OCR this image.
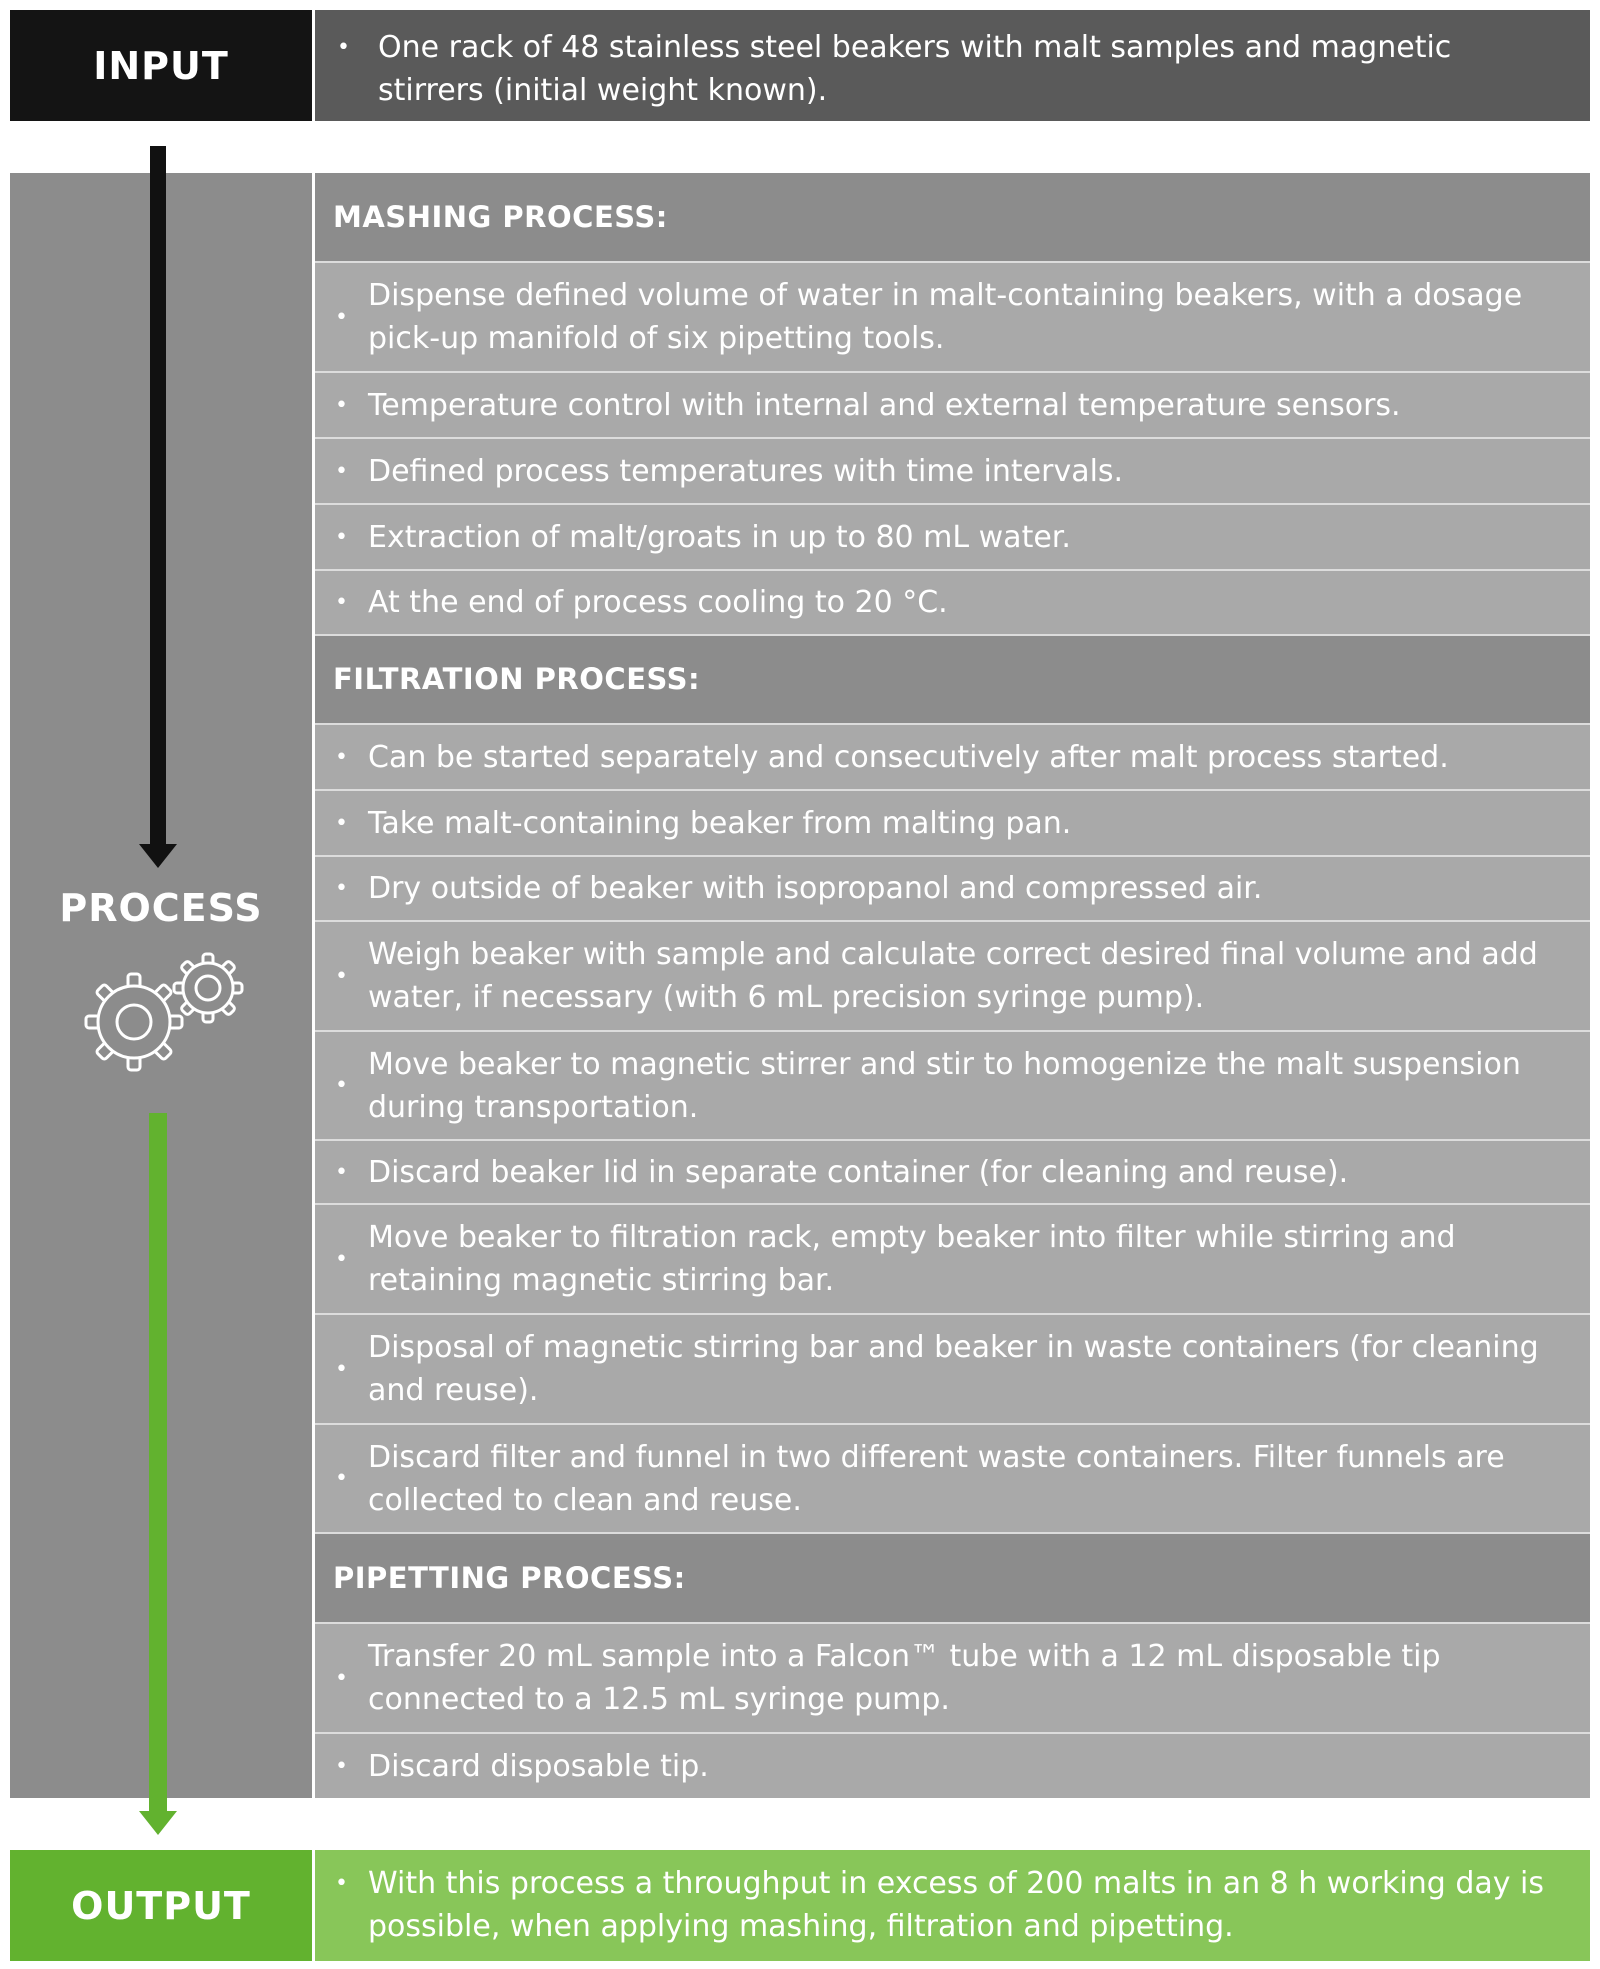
INPUT	• One rack of 48 stainless steel beakers with malt samples and magnetic stirrers (initial weight known).
PROCESS
MASHING PROCESS:
•
Dispense defined volume of water in malt-containing beakers, with a dosage pick-up manifold of six pipetting tools.
• Temperature control with internal and external temperature sensors.
• Defined process temperatures with time intervals.
• Extraction of malt/groats in up to 80 mL water.
• At the end of process cooling to 20 °C.
FILTRATION PROCESS:
• Can be started separately and consecutively after malt process started.
• Take malt-containing beaker from malting pan.
• Dry outside of beaker with isopropanol and compressed air.
•
Weigh beaker with sample and calculate correct desired final volume and add water, if necessary (with 6 mL precision syringe pump).
•
Move beaker to magnetic stirrer and stir to homogenize the malt suspension during transportation.
• Discard beaker lid in separate container (for cleaning and reuse).
•
Move beaker to filtration rack, empty beaker into filter while stirring and retaining magnetic stirring bar.
•
Disposal of magnetic stirring bar and beaker in waste containers (for cleaning and reuse).
•
Discard filter and funnel in two different waste containers. Filter funnels are collected to clean and reuse.
PIPETTING PROCESS:
•
Transfer 20 mL sample into a Falcon™ tube with a 12 mL disposable tip connected to a 12.5 mL syringe pump.
• Discard disposable tip.
OUTPUT	• With this process a throughput in excess of 200 malts in an 8 h working day is possible, when applying mashing, filtration and pipetting.
